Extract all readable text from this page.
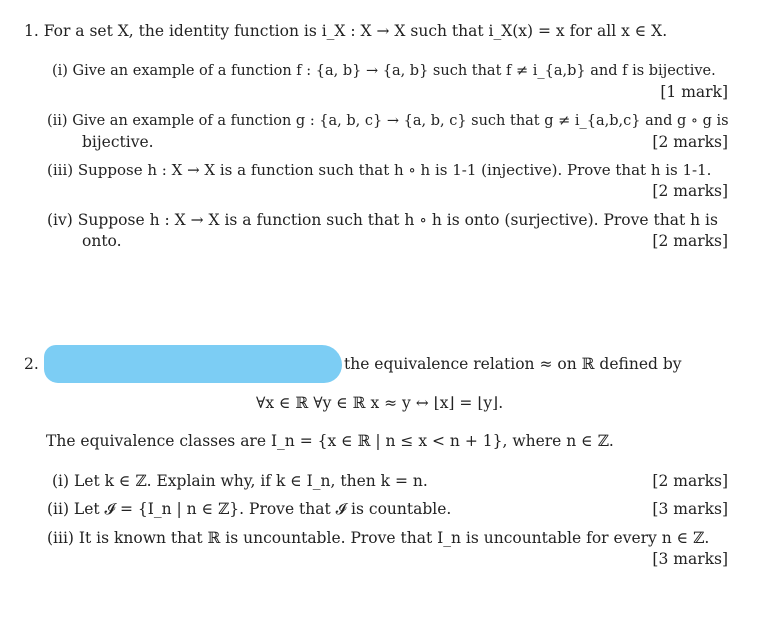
1. For a set X, the identity function is i_X : X → X such that i_X(x) = x for all x ∈ X.
(i) Give an example of a function f : {a, b} → {a, b} such that f ≠ i_{a,b} and f is bijective.
[1 mark]
(ii) Give an example of a function g : {a, b, c} → {a, b, c} such that g ≠ i_{a,b,c} and g ∘ g is
bijective.	[2 marks]
(iii) Suppose h : X → X is a function such that h ∘ h is 1-1 (injective). Prove that h is 1-1.
[2 marks]
(iv) Suppose h : X → X is a function such that h ∘ h is onto (surjective). Prove that h is
onto.	[2 marks]
2.	the equivalence relation ≈ on ℝ defined by
∀x ∈ ℝ ∀y ∈ ℝ x ≈ y ↔ ⌊x⌋ = ⌊y⌋.
The equivalence classes are I_n = {x ∈ ℝ | n ≤ x < n + 1}, where n ∈ ℤ.
(i) Let k ∈ ℤ. Explain why, if k ∈ I_n, then k = n.	[2 marks]
(ii) Let 𝓘 = {I_n | n ∈ ℤ}. Prove that 𝓘 is countable.	[3 marks]
(iii) It is known that ℝ is uncountable. Prove that I_n is uncountable for every n ∈ ℤ.
[3 marks]
